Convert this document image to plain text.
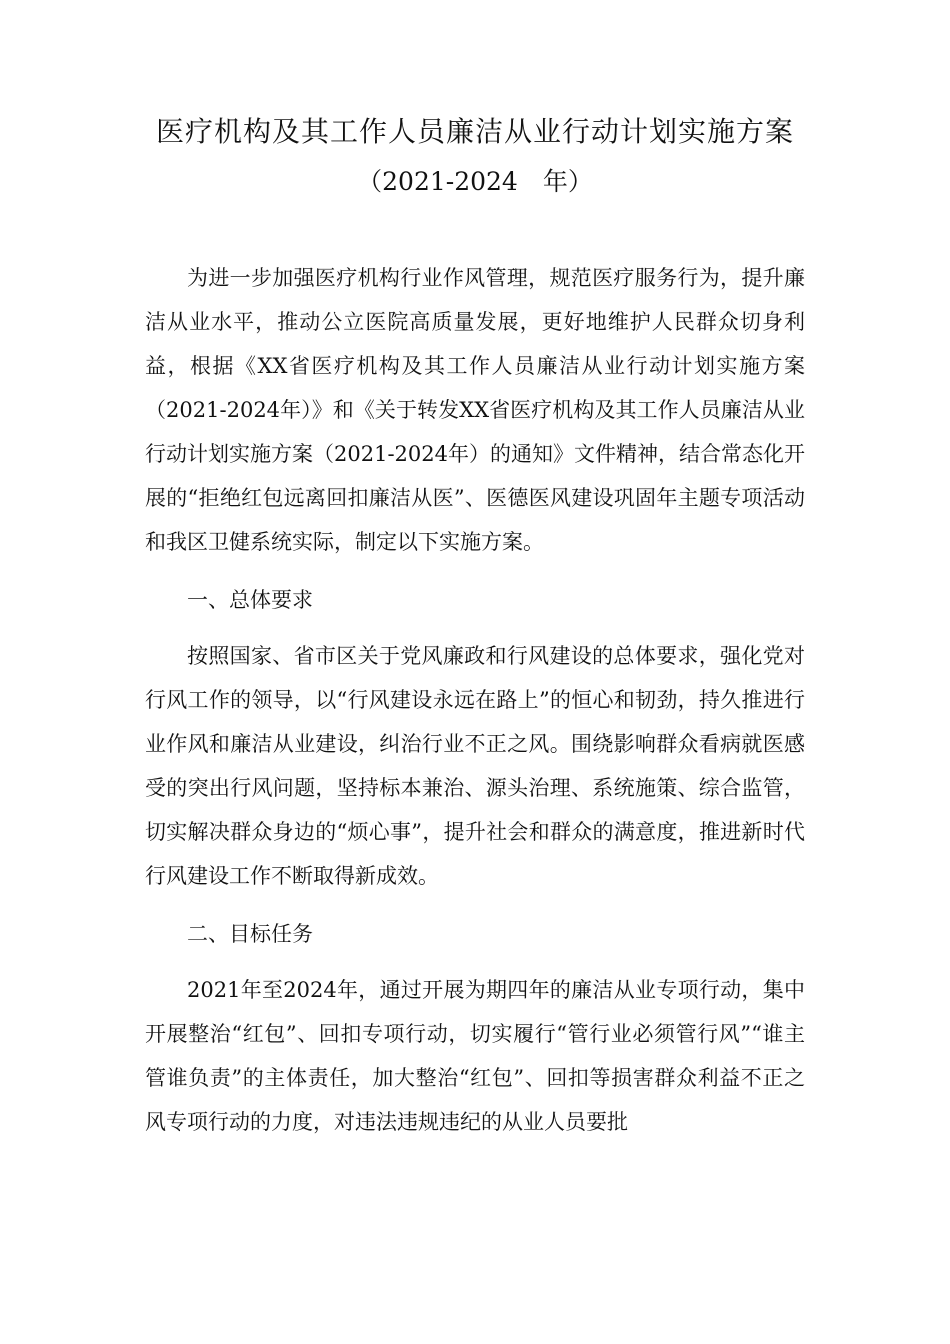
医疗机构及其工作人员廉洁从业行动计划实施方案
（2021-2024　年）

为进一步加强医疗机构行业作风管理，规范医疗服务行为，提升廉洁从业水平，推动公立医院高质量发展，更好地维护人民群众切身利益，根据《XX省医疗机构及其工作人员廉洁从业行动计划实施方案（2021-2024年）》和《关于转发XX省医疗机构及其工作人员廉洁从业行动计划实施方案（2021-2024年）的通知》文件精神，结合常态化开展的“拒绝红包远离回扣廉洁从医”、医德医风建设巩固年主题专项活动和我区卫健系统实际，制定以下实施方案。

一、总体要求

按照国家、省市区关于党风廉政和行风建设的总体要求，强化党对行风工作的领导，以“行风建设永远在路上”的恒心和韧劲，持久推进行业作风和廉洁从业建设，纠治行业不正之风。围绕影响群众看病就医感受的突出行风问题，坚持标本兼治、源头治理、系统施策、综合监管，切实解决群众身边的“烦心事”，提升社会和群众的满意度，推进新时代行风建设工作不断取得新成效。

二、目标任务

2021年至2024年，通过开展为期四年的廉洁从业专项行动，集中开展整治“红包”、回扣专项行动，切实履行“管行业必须管行风”“谁主管谁负责”的主体责任，加大整治“红包”、回扣等损害群众利益不正之风专项行动的力度，对违法违规违纪的从业人员要批
